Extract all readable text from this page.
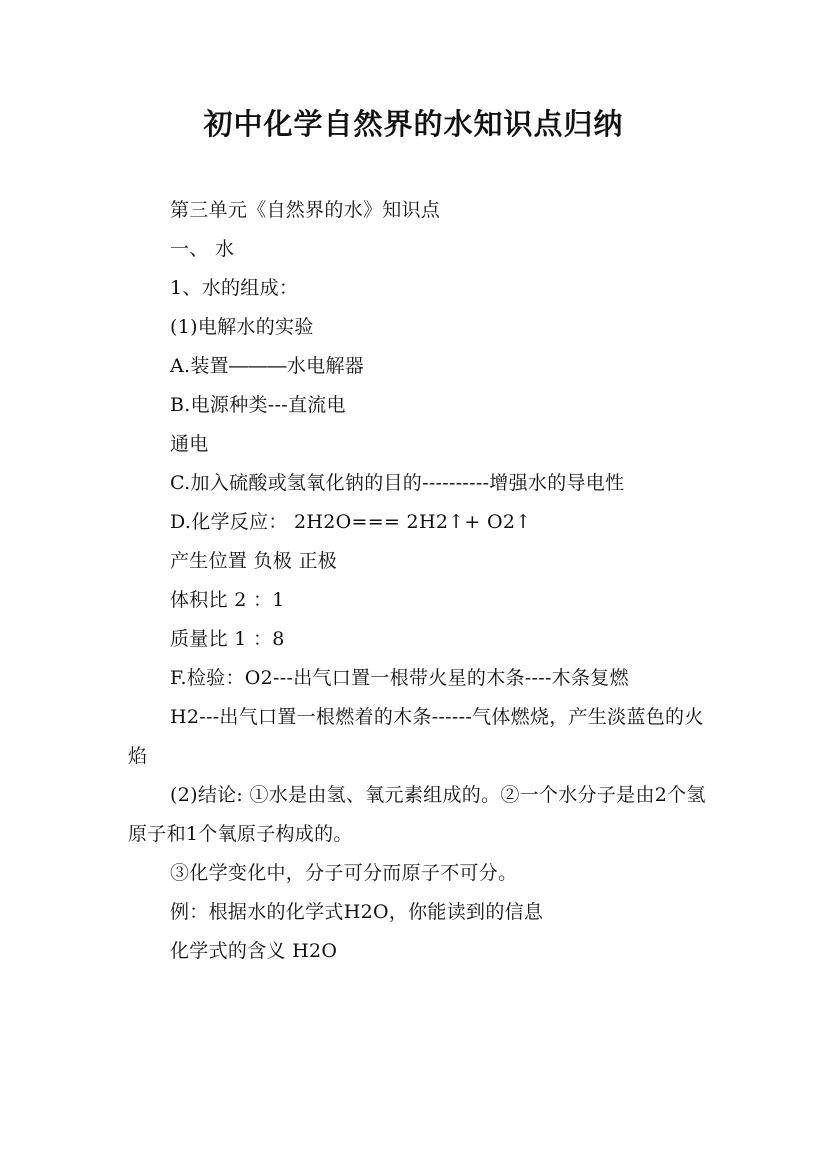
初中化学自然界的水知识点归纳
第三单元《自然界的水》知识点
一、 水
1、水的组成：
(1)电解水的实验
A.装置―――水电解器
B.电源种类---直流电
通电
C.加入硫酸或氢氧化钠的目的----------增强水的导电性
D.化学反应： 2H2O=== 2H2↑+ O2↑
产生位置 负极 正极
体积比 2 ：1
质量比 1 ：8
F.检验：O2---出气口置一根带火星的木条----木条复燃
H2---出气口置一根燃着的木条------气体燃烧，产生淡蓝色的火焰
(2)结论: ①水是由氢、氧元素组成的。②一个水分子是由2个氢原子和1个氧原子构成的。
③化学变化中，分子可分而原子不可分。
例：根据水的化学式H2O，你能读到的信息
化学式的含义 H2O
